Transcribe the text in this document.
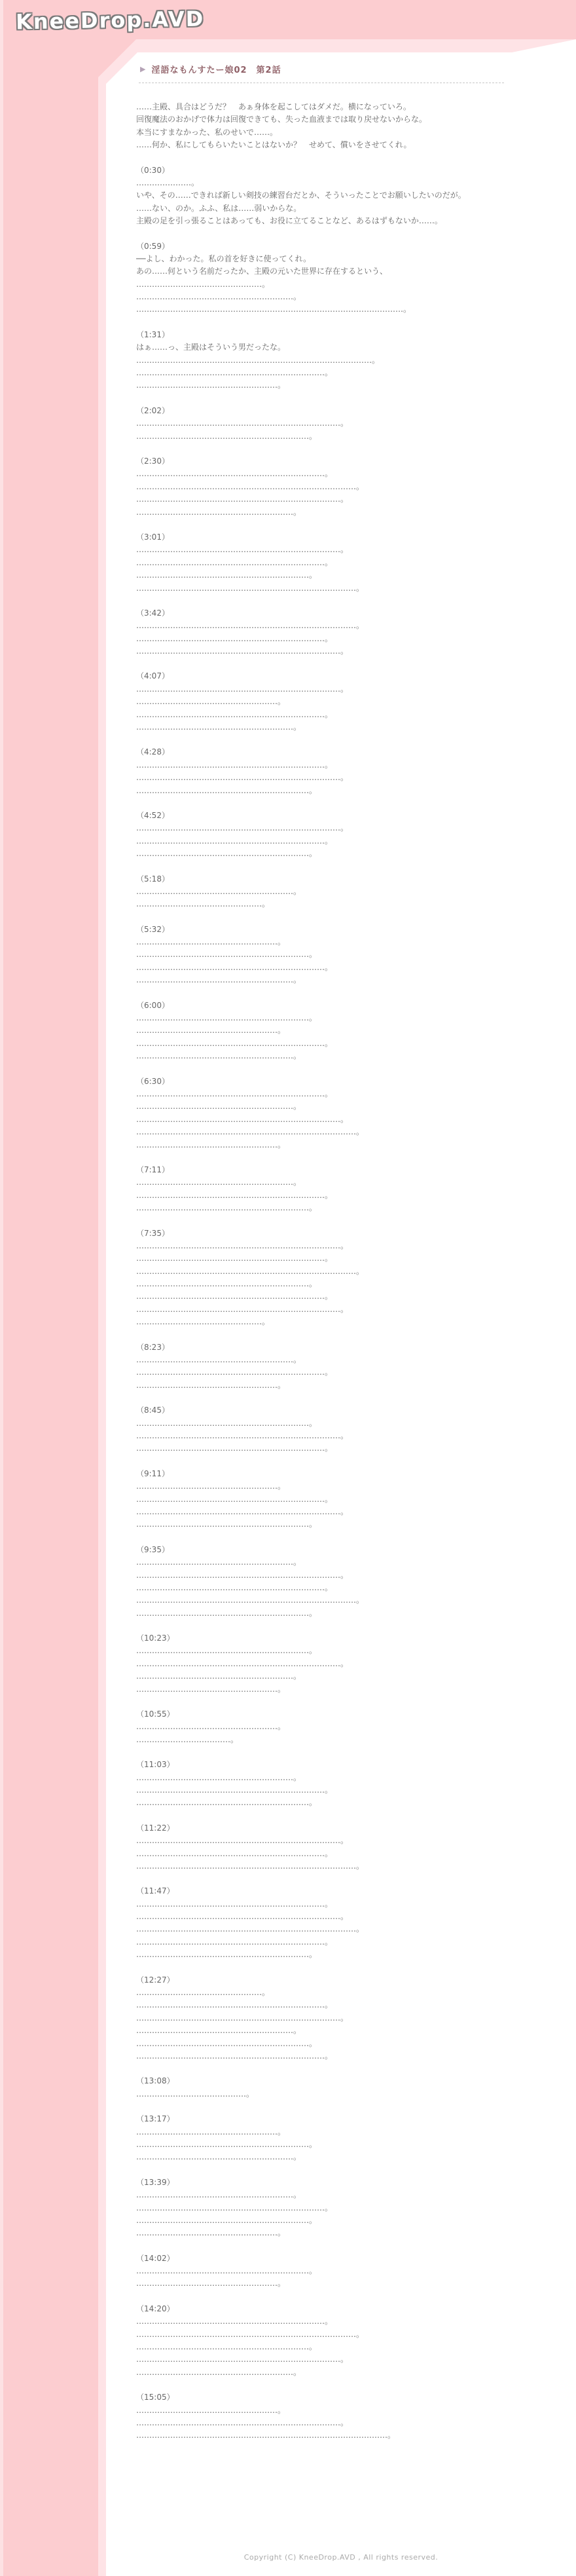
KneeDrop.AVD
▶ 淫語なもんすたー娘02　第2話
……主殿、具合はどうだ？　あぁ身体を起こしてはダメだ。横になっていろ。
回復魔法のおかげで体力は回復できても、失った血液までは取り戻せないからな。
本当にすまなかった、私のせいで……。
……何か、私にしてもらいたいことはないか？　せめて、償いをさせてくれ。
（0:30）
…………………。
いや、その……できれば新しい剣技の練習台だとか、そういったことでお願いしたいのだが。
……ない、のか。ふふ、私は……弱いからな。
主殿の足を引っ張ることはあっても、お役に立てることなど、あるはずもないか……。
（0:59）
──よし、わかった。私の首を好きに使ってくれ。
あの……何という名前だったか、主殿の元いた世界に存在するという、
…………………………………………。
……………………………………………………。
…………………………………………………………………………………………。
（1:31）
はぁ……っ、主殿はそういう男だったな。
………………………………………………………………………………。
………………………………………………………………。
………………………………………………。
（2:02）
……………………………………………………………………。
…………………………………………………………。
（2:30）
………………………………………………………………。
…………………………………………………………………………。
……………………………………………………………………。
……………………………………………………。
（3:01）
……………………………………………………………………。
………………………………………………………………。
…………………………………………………………。
…………………………………………………………………………。
（3:42）
…………………………………………………………………………。
………………………………………………………………。
……………………………………………………………………。
（4:07）
……………………………………………………………………。
………………………………………………。
………………………………………………………………。
……………………………………………………。
（4:28）
………………………………………………………………。
……………………………………………………………………。
…………………………………………………………。
（4:52）
……………………………………………………………………。
………………………………………………………………。
…………………………………………………………。
（5:18）
……………………………………………………。
…………………………………………。
（5:32）
………………………………………………。
…………………………………………………………。
………………………………………………………………。
……………………………………………………。
（6:00）
…………………………………………………………。
………………………………………………。
………………………………………………………………。
……………………………………………………。
（6:30）
………………………………………………………………。
……………………………………………………。
……………………………………………………………………。
…………………………………………………………………………。
………………………………………………。
（7:11）
……………………………………………………。
………………………………………………………………。
…………………………………………………………。
（7:35）
……………………………………………………………………。
………………………………………………………………。
…………………………………………………………………………。
…………………………………………………………。
………………………………………………………………。
……………………………………………………………………。
…………………………………………。
（8:23）
……………………………………………………。
………………………………………………………………。
………………………………………………。
（8:45）
…………………………………………………………。
……………………………………………………………………。
………………………………………………………………。
（9:11）
………………………………………………。
………………………………………………………………。
……………………………………………………………………。
…………………………………………………………。
（9:35）
……………………………………………………。
……………………………………………………………………。
………………………………………………………………。
…………………………………………………………………………。
…………………………………………………………。
（10:23）
…………………………………………………………。
……………………………………………………………………。
……………………………………………………。
………………………………………………。
（10:55）
………………………………………………。
………………………………。
（11:03）
……………………………………………………。
………………………………………………………………。
…………………………………………………………。
（11:22）
……………………………………………………………………。
………………………………………………………………。
…………………………………………………………………………。
（11:47）
………………………………………………………………。
……………………………………………………………………。
…………………………………………………………………………。
………………………………………………………………。
…………………………………………………………。
（12:27）
…………………………………………。
………………………………………………………………。
……………………………………………………………………。
……………………………………………………。
…………………………………………………………。
………………………………………………………………。
（13:08）
……………………………………。
（13:17）
………………………………………………。
…………………………………………………………。
……………………………………………………。
（13:39）
……………………………………………………。
………………………………………………………………。
…………………………………………………………。
………………………………………………。
（14:02）
…………………………………………………………。
………………………………………………。
（14:20）
………………………………………………………………。
…………………………………………………………………………。
…………………………………………………………。
……………………………………………………………………。
……………………………………………………。
（15:05）
………………………………………………。
……………………………………………………………………。
……………………………………………………………………………………。
Copyright (C) KneeDrop.AVD , All rights reserved.
